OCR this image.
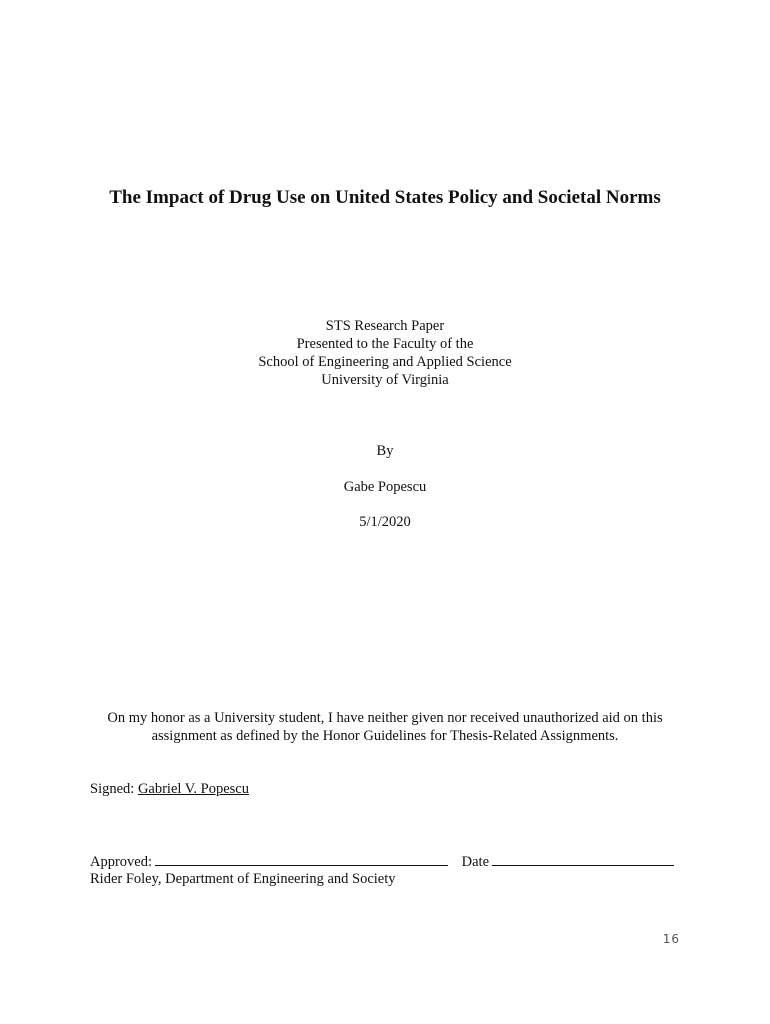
The Impact of Drug Use on United States Policy and Societal Norms
STS Research Paper
Presented to the Faculty of the
School of Engineering and Applied Science
University of Virginia
By
Gabe Popescu
5/1/2020
On my honor as a University student, I have neither given nor received unauthorized aid on this assignment as defined by the Honor Guidelines for Thesis-Related Assignments.
Signed: Gabriel V. Popescu
Approved:	Date
Rider Foley, Department of Engineering and Society
16
